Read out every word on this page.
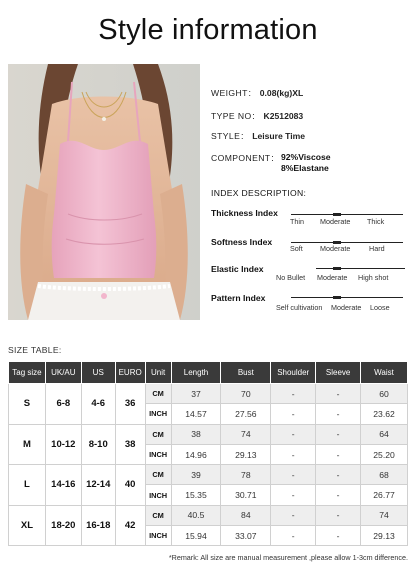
Style information
WEIGHT： 0.08(kg)XL
TYPE NO： K2512083
STYLE： Leisure Time
COMPONENT： 92%Viscose
8%Elastane
INDEX DESCRIPTION:
Thickness Index
Thin Moderate Thick
Softness Index
Soft Moderate	Hard
Elastic Index
No Bullet Moderate High shot
Pattern Index
Self cultivation Moderate Loose
SIZE TABLE:
Tag size	UK/AU	US	EURO	Unit	Length	Bust	Shoulder	Sleeve	Waist
S	6-8	4-6	36	CM	37	70	-	-	60
				INCH	14.57	27.56	-	-	23.62
M	10-12	8-10	38	CM	38	74	-	-	64
				INCH	14.96	29.13	-	-	25.20
L	14-16	12-14	40	CM	39	78	-	-	68
				INCH	15.35	30.71	-	-	26.77
XL	18-20	16-18	42	CM	40.5	84	-	-	74
				INCH	15.94	33.07	-	-	29.13
*Remark: All size are manual measurement ,please allow 1-3cm difference.
